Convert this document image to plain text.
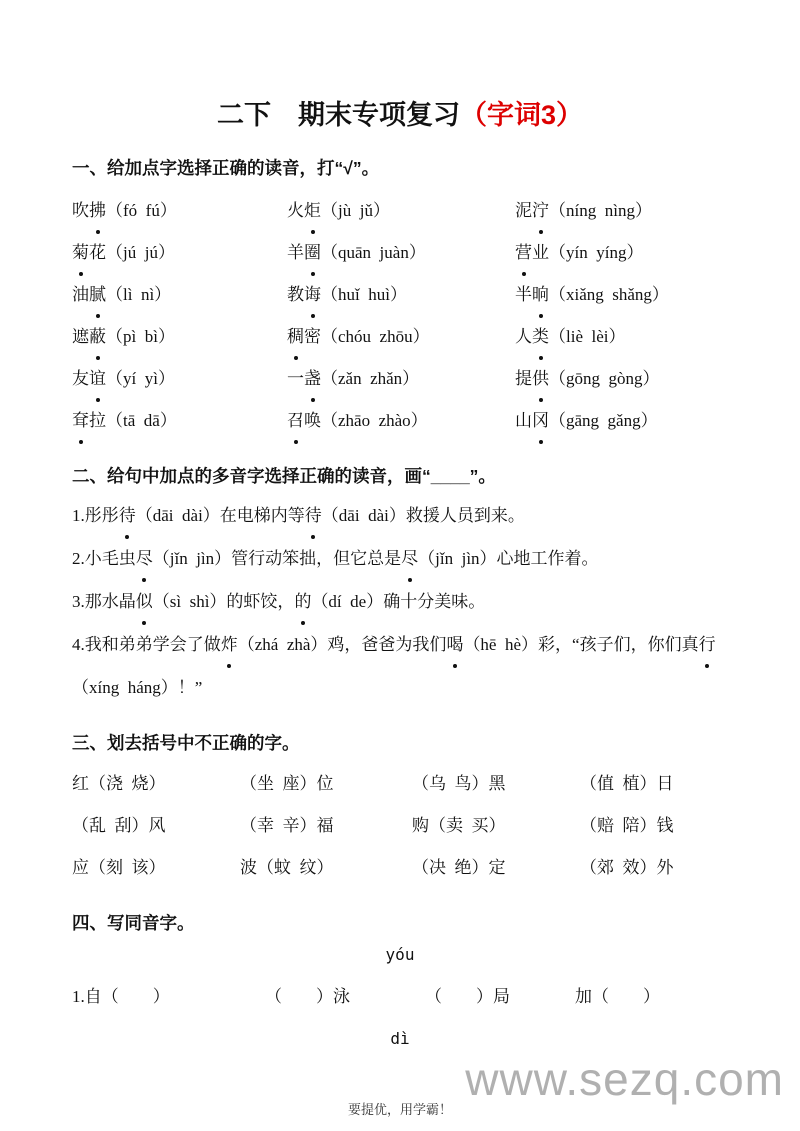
二下　期末专项复习（字词3）
一、给加点字选择正确的读音，打“√”。
吹拂（fó  fú）	火炬（jù  jǔ）	泥泞（níng  nìng）
菊花（jú  jú）	羊圈（quān  juàn）	营业（yín  yíng）
油腻（lì  nì）	教诲（huǐ  huì）	半晌（xiǎng  shǎng）
遮蔽（pì  bì）	稠密（chóu  zhōu）	人类（liè  lèi）
友谊（yí  yì）	一盏（zǎn  zhǎn）	提供（gōng  gòng）
耷拉（tā  dā）	召唤（zhāo  zhào）	山冈（gāng  gǎng）
二、给句中加点的多音字选择正确的读音，画“____”。

1.彤彤待（dāi  dài）在电梯内等待（dāi  dài）救援人员到来。

2.小毛虫尽（jǐn  jìn）管行动笨拙，但它总是尽（jǐn  jìn）心地工作着。

3.那水晶似（sì  shì）的虾饺，的（dí  de）确十分美味。

4.我和弟弟学会了做炸（zhá  zhà）鸡，爸爸为我们喝（hē  hè）彩，“孩子们，你们真行（xíng  háng）！”

三、划去括号中不正确的字。
红（浇  烧）	（坐  座）位	（乌  鸟）黑	（值  植）日
（乱  刮）风	（幸  辛）福	购（卖  买）	（赔  陪）钱
应（刻  该）	波（蚊  纹）	（决  绝）定	（郊  效）外
四、写同音字。
yóu
1.自（　　）	（　　）泳	（　　）局	加（　　）
dì
要提优，用学霸！
www.sezq.com
